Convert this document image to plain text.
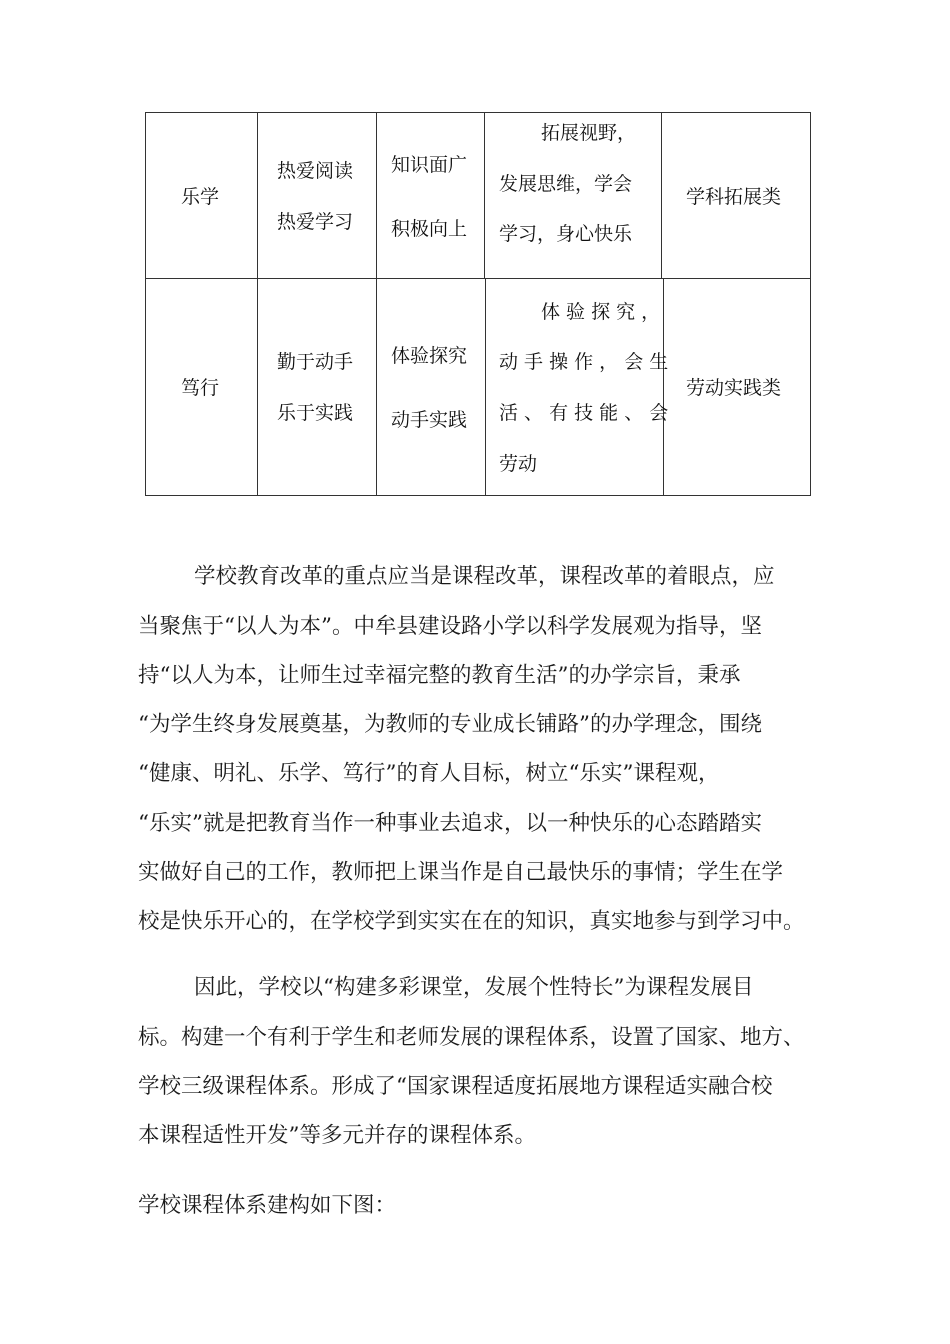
乐学
热爱阅读
热爱学习
知识面广
积极向上
拓展视野，
发展思维，学会
学习，身心快乐
学科拓展类
笃行
勤于动手
乐于实践
体验探究
动手实践
体 验 探 究 ，
动 手 操 作 ， 会 生
活 、 有 技 能 、 会
劳动
劳动实践类
学校教育改革的重点应当是课程改革，课程改革的着眼点，应
当聚焦于“以人为本”。中牟县建设路小学以科学发展观为指导，坚
持“以人为本，让师生过幸福完整的教育生活”的办学宗旨，秉承
“为学生终身发展奠基，为教师的专业成长铺路”的办学理念，围绕
“健康、明礼、乐学、笃行”的育人目标，树立“乐实”课程观，
“乐实”就是把教育当作一种事业去追求，以一种快乐的心态踏踏实
实做好自己的工作，教师把上课当作是自己最快乐的事情；学生在学
校是快乐开心的，在学校学到实实在在的知识，真实地参与到学习中。
因此，学校以“构建多彩课堂，发展个性特长”为课程发展目
标。构建一个有利于学生和老师发展的课程体系，设置了国家、地方、
学校三级课程体系。形成了“国家课程适度拓展地方课程适实融合校
本课程适性开发”等多元并存的课程体系。
学校课程体系建构如下图：
